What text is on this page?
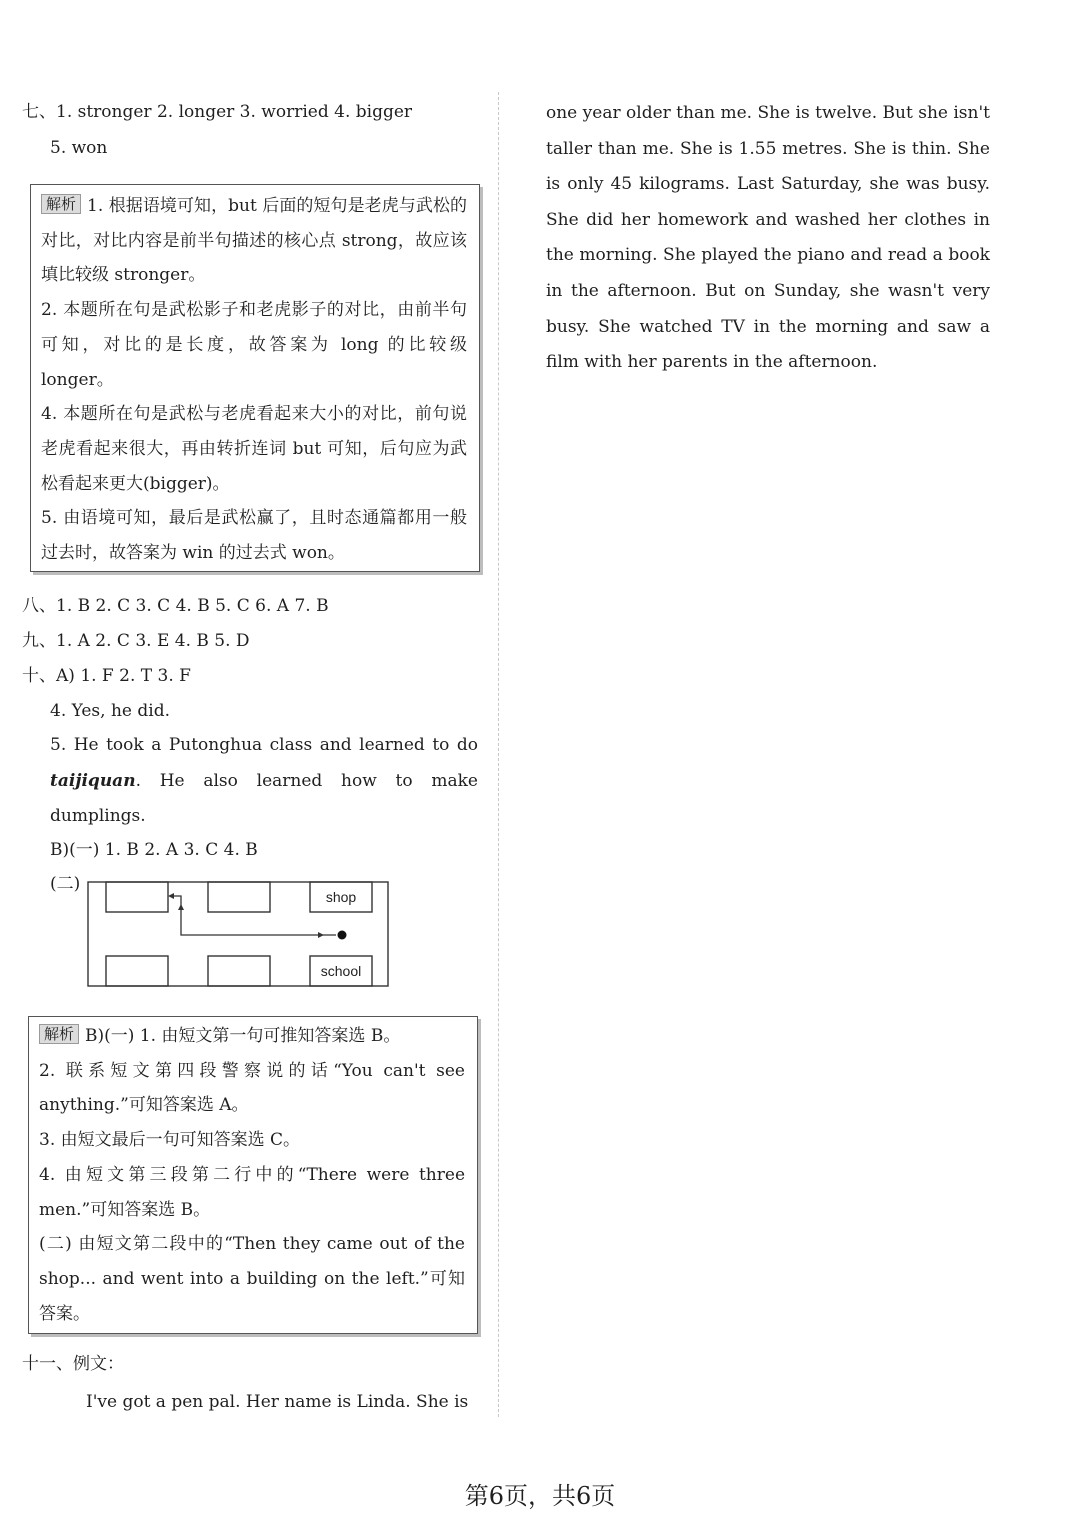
七、1. stronger 2. longer 3. worried 4. bigger
5. won
解析 1. 根据语境可知，but 后面的短句是老虎与武松的对比，对比内容是前半句描述的核心点 strong，故应该填比较级 stronger。
2. 本题所在句是武松影子和老虎影子的对比，由前半句可知，对比的是长度，故答案为 long 的比较级 longer。
4. 本题所在句是武松与老虎看起来大小的对比，前句说老虎看起来很大，再由转折连词 but 可知，后句应为武松看起来更大(bigger)。
5. 由语境可知，最后是武松赢了，且时态通篇都用一般过去时，故答案为 win 的过去式 won。
八、1. B 2. C 3. C 4. B 5. C 6. A 7. B
九、1. A 2. C 3. E 4. B 5. D
十、A) 1. F 2. T 3. F
4. Yes, he did.
5. He took a Putonghua class and learned to do taijiquan. He also learned how to make dumplings.
B)(一) 1. B 2. A 3. C 4. B
(二)
shop
school
解析 B)(一) 1. 由短文第一句可推知答案选 B。
2. 联系短文第四段警察说的话“You can't see anything.”可知答案选 A。
3. 由短文最后一句可知答案选 C。
4. 由短文第三段第二行中的“There were three men.”可知答案选 B。
(二) 由短文第二段中的“Then they came out of the shop... and went into a building on the left.”可知答案。
十一、例文：
I've got a pen pal. Her name is Linda. She is
one year older than me. She is twelve. But she isn't taller than me. She is 1.55 metres. She is thin. She is only 45 kilograms. Last Saturday, she was busy. She did her homework and washed her clothes in the morning. She played the piano and read a book in the afternoon. But on Sunday, she wasn't very busy. She watched TV in the morning and saw a film with her parents in the afternoon.
第6页，共6页
